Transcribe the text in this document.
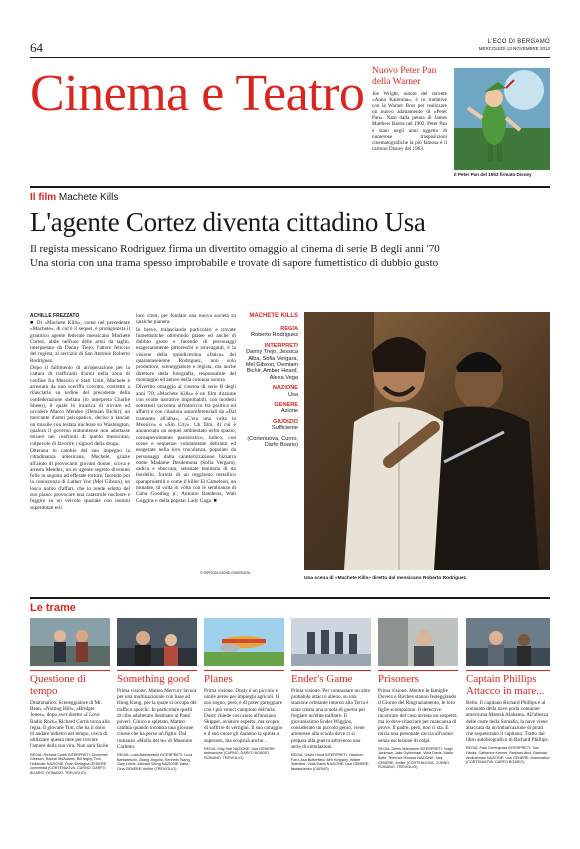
64	L'ECO DI BERGAMO
MERCOLEDÌ 13 NOVEMBRE 2013
Cinema e Teatro Nuovo Peter Pan della Warner
Joe Wright, autore del recente «Anna Karenina», è in trattative con la Warner Bros per realizzare un nuovo adattamento di «Peter Pan». Nato dalla penna di James Matthew Barrie nel 1902, Peter Pan è stato negli anni oggetto di numerose trasposizioni cinematografiche la più famosa è il cartoon Disney del 1963.
Il Peter Pan del 1953 firmato Disney
Il film Machete Kills
L'agente Cortez diventa cittadino Usa
Il regista messicano Rodriguez firma un divertito omaggio al cinema di serie B degli anni '70
Una storia con una trama spesso improbabile e trovate di sapore fumettistico di dubbio gusto
ACHILLE FREZZATO

■ Di «Machete Kills», come nel precedente «Machete», di cui è il sequel, è protagonista il granitico agente federale messicano Machete Cortez, abile nell'uso delle armi da taglio, interpretato da Danny Trejo, l'attore feticcio del regista, al servizio di San Antonio Roberto Rodriguez.

Dopo il fallimento di un'operazione per la cattura di trafficanti d'armi nella zona di confine fra Messico e Stati Uniti, Machete è arrestato da uno sceriffo corrotto, costretto a rilasciarlo su ordine del presidente della confederazione stellata (lo interpreta Charlie Sheen), il quale lo incarica di trovare ed uccidere Marco Mendez (Demian Bichir), un mercante d'armi psicopatico, deciso a lanciar un missile con testata nucleare su Washington, qualora il governo statunitense non adottasse misure nei confronti di quello messicano, colpevole di favorire i signori della droga.

Ottenuta in cambio del suo impegno la cittadinanza americana, Machete, grazie all'aiuto di provocanti giovani donne, scova e arresta Mendez, un ex agente segreto divenuto folle in seguito ad efferate torture, facendo poi la conoscenza di Luther Voz (Mel Gibson), un losco uomo d'affari, che lo rende edotto del suo piano: provocare una catastrofe nucleare e fuggire su un veicolo spaziale con uomini superdotati ed i

loro cloni, per fondare una nuova società su qualche pianeta.

In breve, tralasciando particolari e trovate fumettistiche oltremodo platee ed anche di dubbio gusto e facendo di personaggi esageratamente pittoreschi e stravaganti, è la visione della quindicesima «fatica» del quarantaseienne Rodriguez, non solo produttore, sceneggiatore e regista, ma anche direttore della fotografia, responsabile del montaggio ed autore della colonna sonora.

Divertito omaggio al cinema di serie B degli anni '70, «Machete Kills» è un film d'azione con svolte narrative improbabili, con modesti sottotesti (accenni all'intreccio fra politica ed affari) e con citazioni autoreferenziali da «Dal tramonto all'alba», «C'era una volta in Messico» e «Sin City». Un film, di cui è annunciato un sequel ambientato nello spazio, consapevolmente parossistico, ludico, con scene e sequenze volutamente deliranti ed esagerate nella loro truculenza, popolato da personaggi dalla caratterizzazione bizzarra come Madame Desdemona (Sofia Vergara), sadica e sboccata, sensuale tenutaria di un bordello, fornita di un reggiseno metallico sparaproiettili o come il killer El Cameleon, un mutante, di volta in volta con le sembianze di Cuba Gooding jr., Antonio Banderas, Walt Goggins e della popstar Lady Gaga. ■

© RIPRODUZIONE RISERVATA
MACHETE KILLS
REGIA
Roberto Rodriguez
INTERPRETI
Danny Trejo, Jessica Alba, Sofia Vergara, Mel Gibson, Demiam Bichir, Amber Heard, Alexa Vega
NAZIONE
Usa
GENERE
Azione
GIUDIZIO
Sufficiente
(Cortenuova, Curno, Darfo Boario)
Una scena di «Machete Kills» diretto dal messicano Roberto Rodriguez
Le trame
Questione di tempo
Drammatico. Sceneggiatore di Mr. Bean, «Notting Hill», «Bridget Jones», dopo aver diretto «I Love Radio Rock» Richard Curtis torna alla regia. Il giovane Tim, che ha il dono di andare indietro nel tempo, cerca di utilizzare questa dote per trovare l'amore della sua vita. Non sarà facile.
REGIA: Richard Curtis INTERPRETI: Domhnall Gleeson, Rachel McAdams, Bill Nighy, Tom Hollander NAZIONE: Gran Bretagna GENERE: commedia (CORTENUOVA, CURNO, DARFO BOARIO, ROMANO, TREVIGLIO)
Something good
Prima visione. Matteo Mercury lavora per una multinazionale con base ad Hong Kong, per la quale si occupa del traffico sporchi. In particolare quelli di cibo adulterato destinato ai Paesi poveri. Cinico e spietato, Matteo cambia quando incontra una giovane cinese che ha perso un figlio. Dal romanzo «Mafia del te» di Massimo Carlotto.
REGIA: Luca Barbareschi INTERPRETI: Luca Barbareschi, Zhang Jingchu, Kenneth Tsang, Gary Lewis, Michael Wong NAZIONE: Italia, Cina GENERE: thriller (TREVIGLIO)
Planes
Prima visione. Dusty è un piccolo e umile aereo per impieghi agricoli. Il suo sogno, però, è di poter gareggiare con i più veloci campioni dell'aria. Dusty chiede così aiuto all'anziano Skipper, aviatore esperto, ma scopre di soffrire di vertigini. Il suo coraggio e il suo cuore gli daranno la spinta a superarsi, ma scoprirà anche...
REGIA: Klay Hall NAZIONE: Usa GENERE: animazione (CURNO, DARFO BOARIO, ROMANO, TREVIGLIO)
Ender's Game
Prima visione. Per contrastare un altro probabile attacco alieno, su una stazione orbitante intorno alla Terra è stata creata una scuola di guerra per forgiare un'élite militare. Il giovanissimo Ender Wiggins, considerato un piccolo genio, viene ammesso alla scuola dove ci si prepara alla guerra attraverso una serie di simulazioni.
REGIA: Gavin Hood INTERPRETI: Harrison Ford, Asa Butterfield, Ben Kingsley, Hailee Steinfeld, Viola Davis NAZIONE: Usa GENERE: fantascienza (CURNO)
Prisoners
Prima visione. Mentre le famiglie Dovers e Birches stanno festeggiando il Giorno del Ringraziamento, le loro figlie scompaiono. Il detective incaricato del caso arresta un sospetto, ma lo deve rilasciare per mancanza di prove. Il padre, però, non ci sta. E inizia una personale caccia all'uomo senza esclusione di colpi.
REGIA: Denis Villeneuve INTERPRETI: Hugh Jackman, Jake Gyllenhaal, Viola Davis, Maria Bello, Terrence Howard NAZIONE: Usa GENERE: thriller (CORTENUOVA, CURNO, ROMANO, TREVIGLIO)
Captain Phillips Attacco in mare...
Bello. Il capitano Richard Phillips è al comando della nave porta container americana Maersk Alabama. All'altezza delle coste della Somalia, la nave viene attaccata da un'imbarcazione di pirati che sequestrano il capitano. Tratto dal libro autobiografico di Richard Phillips.
REGIA: Paul Greengrass INTERPRETI: Tom Hanks, Catherine Keener, Barkhad Abdi, Barkhad Abdirahman NAZIONE: Usa GENERE: drammatico (CORTENUOVA, DARFO BOARIO)
